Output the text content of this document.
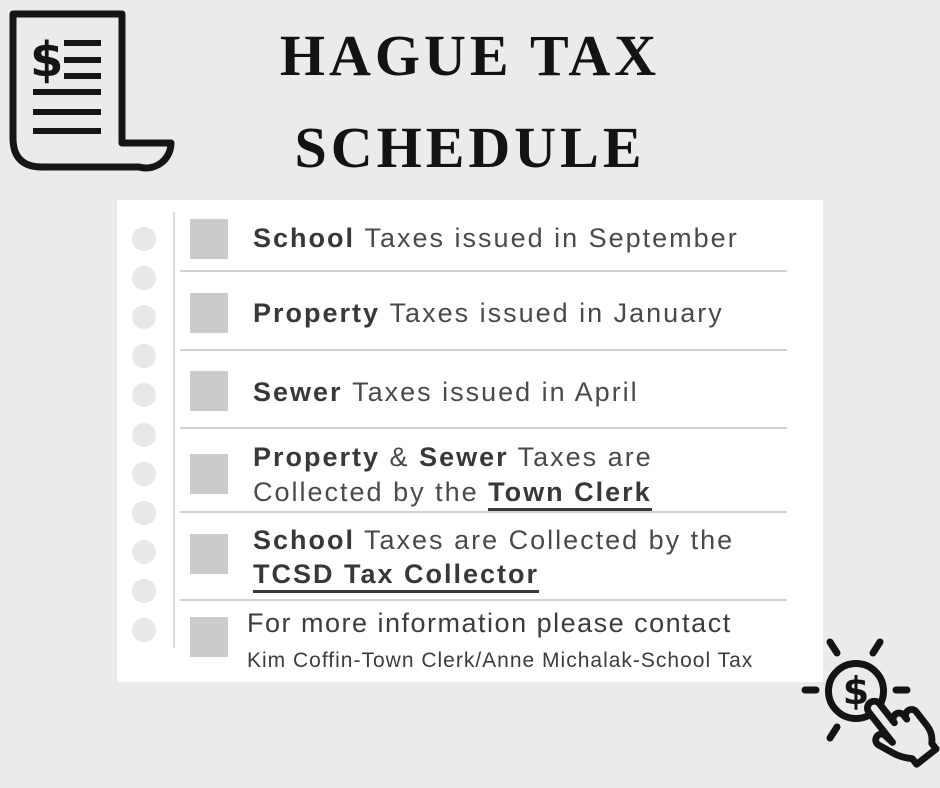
$	HAGUE TAX
SCHEDULE
School Taxes issued in September
Property Taxes issued in January
Sewer Taxes issued in April
Property & Sewer Taxes are
Collected by the Town Clerk
School Taxes are Collected by the
TCSD Tax Collector
For more information please contact
Kim Coffin-Town Clerk/Anne Michalak-School Tax
$
